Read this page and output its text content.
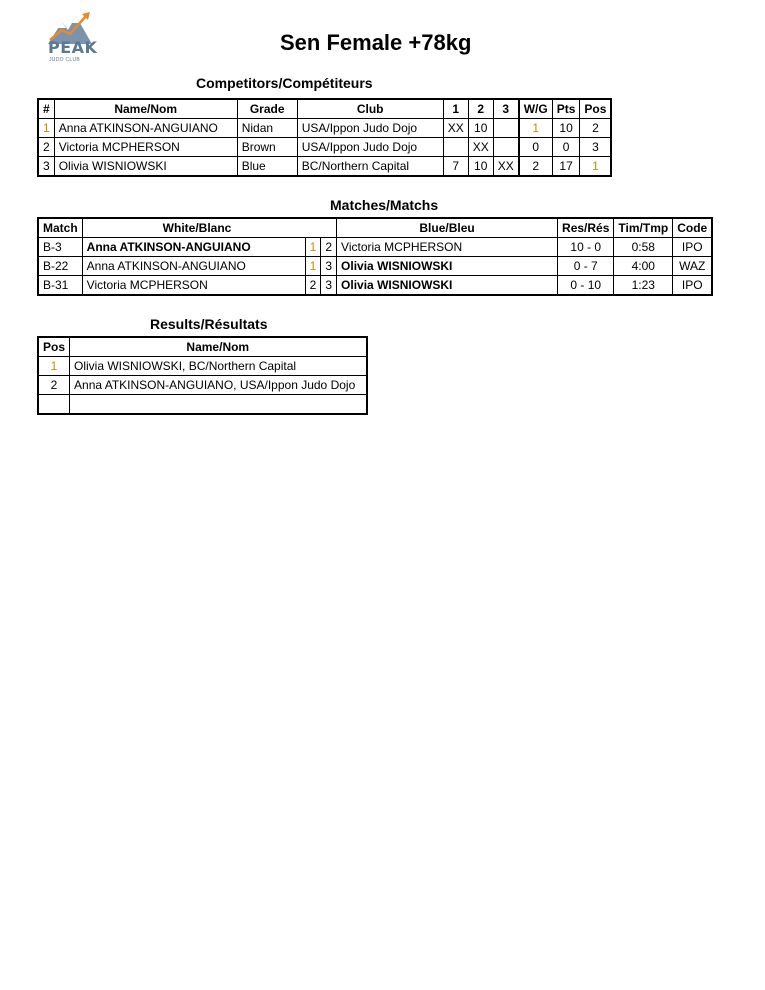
PEAK
JUDO CLUB
Sen Female +78kg
Competitors/Compétiteurs
#	Name/Nom	Grade	Club	1	2	3	W/G	Pts	Pos
1	Anna ATKINSON-ANGUIANO	Nidan	USA/Ippon Judo Dojo	XX	10		1	10	2
2	Victoria MCPHERSON	Brown	USA/Ippon Judo Dojo		XX		0	0	3
3	Olivia WISNIOWSKI	Blue	BC/Northern Capital	7	10	XX	2	17	1
Matches/Matchs
Match	White/Blanc			Blue/Bleu	Res/Rés	Tim/Tmp	Code
B-3	Anna ATKINSON-ANGUIANO	1	2	Victoria MCPHERSON	10 - 0	0:58	IPO
B-22	Anna ATKINSON-ANGUIANO	1	3	Olivia WISNIOWSKI	0 - 7	4:00	WAZ
B-31	Victoria MCPHERSON	2	3	Olivia WISNIOWSKI	0 - 10	1:23	IPO
Results/Résultats
Pos	Name/Nom
1	Olivia WISNIOWSKI, BC/Northern Capital
2	Anna ATKINSON-ANGUIANO, USA/Ippon Judo Dojo
